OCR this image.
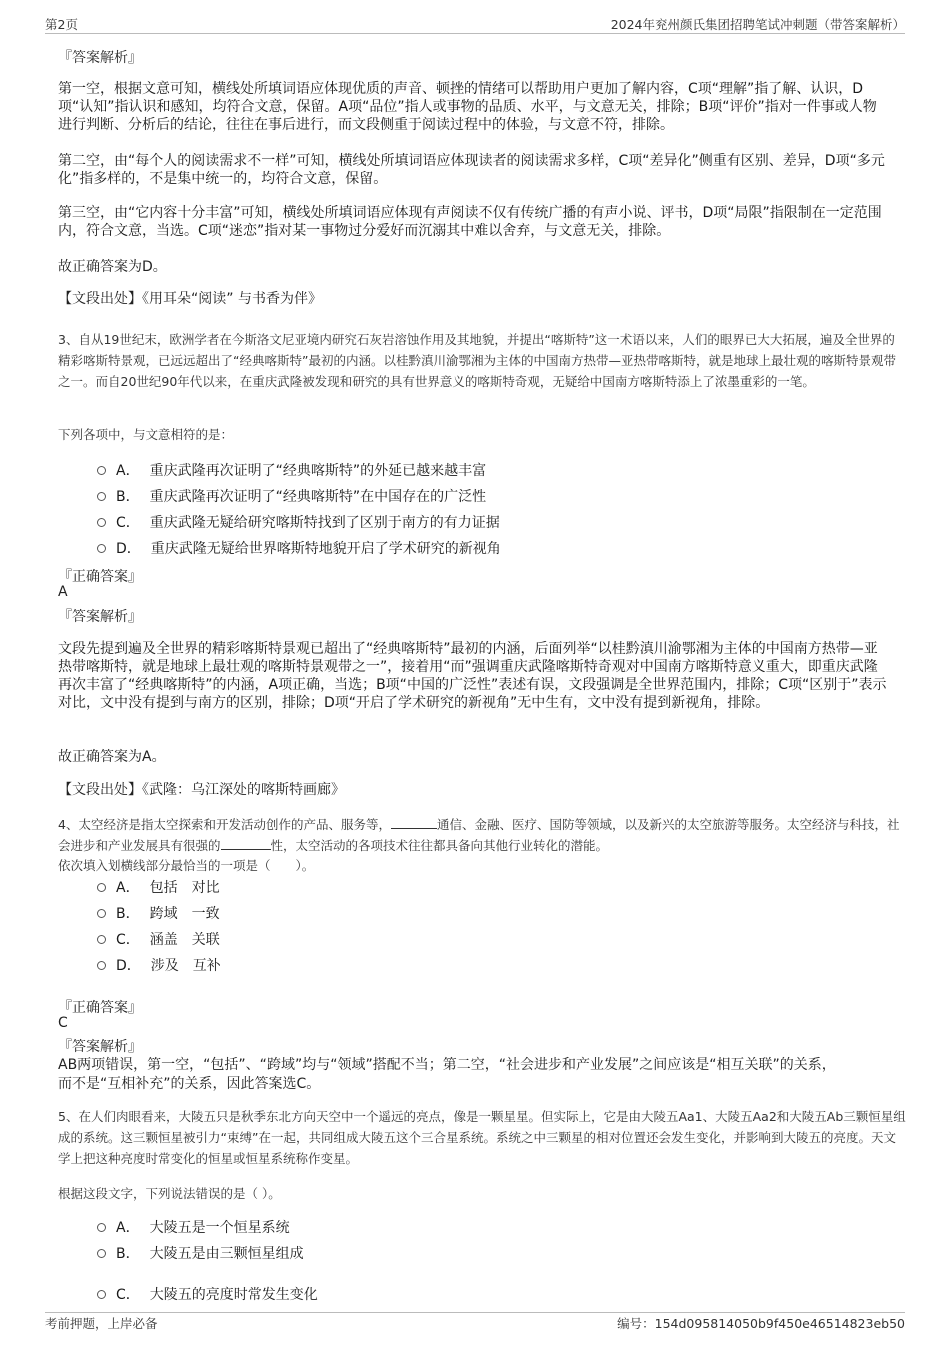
第2页	2024年兖州颜氏集团招聘笔试冲刺题（带答案解析）
『答案解析』

第一空，根据文意可知，横线处所填词语应体现优质的声音、顿挫的情绪可以帮助用户更加了解内容，C项“理解”指了解、认识，D项“认知”指认识和感知，均符合文意，保留。A项“品位”指人或事物的品质、水平，与文意无关，排除；B项“评价”指对一件事或人物进行判断、分析后的结论，往往在事后进行，而文段侧重于阅读过程中的体验，与文意不符，排除。

第二空，由“每个人的阅读需求不一样”可知，横线处所填词语应体现读者的阅读需求多样，C项“差异化”侧重有区别、差异，D项“多元化”指多样的，不是集中统一的，均符合文意，保留。

第三空，由“它内容十分丰富”可知，横线处所填词语应体现有声阅读不仅有传统广播的有声小说、评书，D项“局限”指限制在一定范围内，符合文意，当选。C项“迷恋”指对某一事物过分爱好而沉溺其中难以舍弃，与文意无关，排除。

故正确答案为D。
【文段出处】《用耳朵“阅读” 与书香为伴》

3、自从19世纪末，欧洲学者在今斯洛文尼亚境内研究石灰岩溶蚀作用及其地貌，并提出“喀斯特”这一术语以来，人们的眼界已大大拓展，遍及全世界的精彩喀斯特景观，已远远超出了“经典喀斯特”最初的内涵。以桂黔滇川渝鄂湘为主体的中国南方热带—亚热带喀斯特，就是地球上最壮观的喀斯特景观带之一。而自20世纪90年代以来，在重庆武隆被发现和研究的具有世界意义的喀斯特奇观，无疑给中国南方喀斯特添上了浓墨重彩的一笔。

下列各项中，与文意相符的是：
A． 重庆武隆再次证明了“经典喀斯特”的外延已越来越丰富
B． 重庆武隆再次证明了“经典喀斯特”在中国存在的广泛性
C． 重庆武隆无疑给研究喀斯特找到了区别于南方的有力证据
D． 重庆武隆无疑给世界喀斯特地貌开启了学术研究的新视角
『正确答案』
A
『答案解析』

文段先提到遍及全世界的精彩喀斯特景观已超出了“经典喀斯特”最初的内涵，后面列举“以桂黔滇川渝鄂湘为主体的中国南方热带—亚热带喀斯特，就是地球上最壮观的喀斯特景观带之一”，接着用“而”强调重庆武隆喀斯特奇观对中国南方喀斯特意义重大，即重庆武隆再次丰富了“经典喀斯特”的内涵，A项正确，当选；B项“中国的广泛性”表述有误，文段强调是全世界范围内，排除；C项“区别于”表示对比，文中没有提到与南方的区别，排除；D项“开启了学术研究的新视角”无中生有，文中没有提到新视角，排除。

故正确答案为A。
【文段出处】《武隆：乌江深处的喀斯特画廊》

4、太空经济是指太空探索和开发活动创作的产品、服务等，	通信、金融、医疗、国防等领域，以及新兴的太空旅游等服务。太空经济与科技，社会进步和产业发展具有很强的	性，太空活动的各项技术往往都具备向其他行业转化的潜能。

依次填入划横线部分最恰当的一项是（　　）。
A． 包括　对比
B． 跨域　一致
C． 涵盖　关联
D． 涉及　互补
『正确答案』
C
『答案解析』
AB两项错误，第一空，“包括”、“跨域”均与“领域”搭配不当；第二空，“社会进步和产业发展”之间应该是“相互关联”的关系，
而不是“互相补充”的关系，因此答案选C。

5、在人们肉眼看来，大陵五只是秋季东北方向天空中一个遥远的亮点，像是一颗星星。但实际上，它是由大陵五Aa1、大陵五Aa2和大陵五Ab三颗恒星组成的系统。这三颗恒星被引力“束缚”在一起，共同组成大陵五这个三合星系统。系统之中三颗星的相对位置还会发生变化，并影响到大陵五的亮度。天文学上把这种亮度时常变化的恒星或恒星系统称作变星。

根据这段文字，下列说法错误的是（ ）。
A． 大陵五是一个恒星系统
B． 大陵五是由三颗恒星组成
C． 大陵五的亮度时常发生变化
考前押题，上岸必备	编号：154d095814050b9f450e46514823eb50
